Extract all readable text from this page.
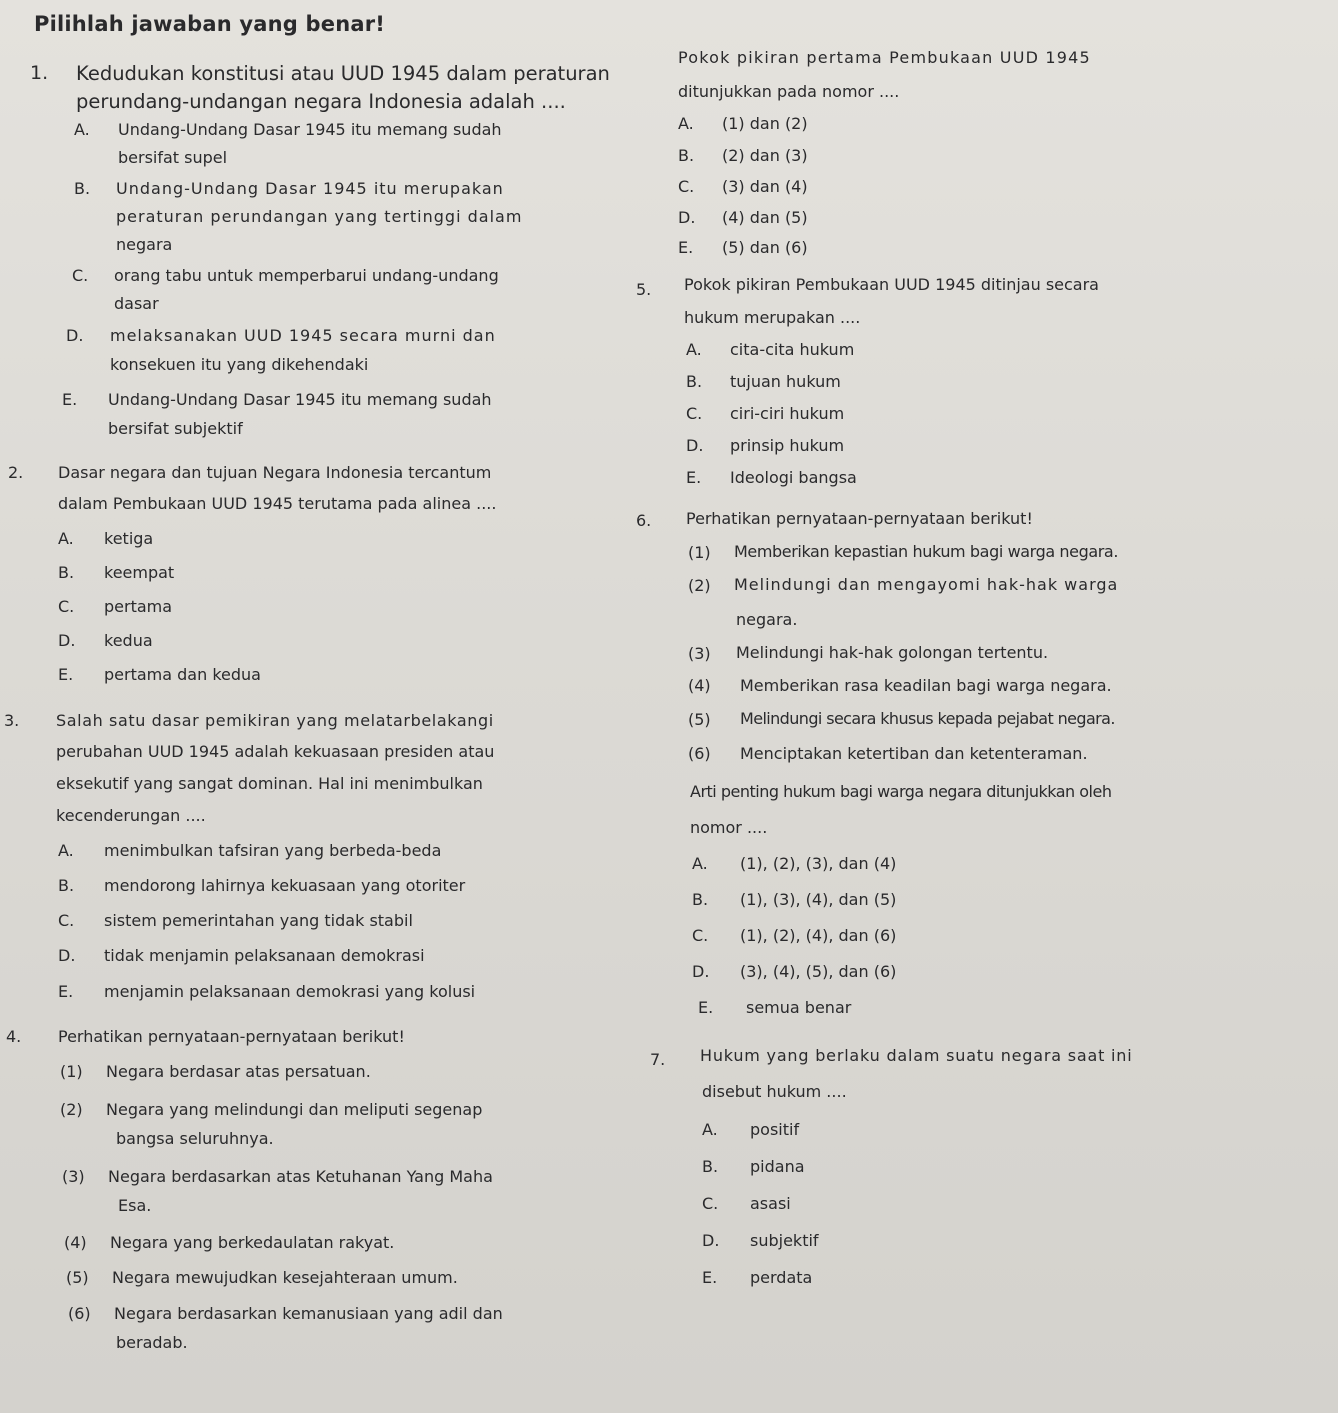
Pilihlah jawaban yang benar!
1. Kedudukan konstitusi atau UUD 1945 dalam peraturan
perundang-undangan negara Indonesia adalah ....
A. Undang-Undang Dasar 1945 itu memang sudah
bersifat supel
B. Undang-Undang Dasar 1945 itu merupakan
peraturan perundangan yang tertinggi dalam
negara
C. orang tabu untuk memperbarui undang-undang
dasar
D. melaksanakan UUD 1945 secara murni dan
konsekuen itu yang dikehendaki
E. Undang-Undang Dasar 1945 itu memang sudah
bersifat subjektif
2. Dasar negara dan tujuan Negara Indonesia tercantum
dalam Pembukaan UUD 1945 terutama pada alinea ....
A. ketiga
B. keempat
C. pertama
D. kedua
E. pertama dan kedua
3. Salah satu dasar pemikiran yang melatarbelakangi
perubahan UUD 1945 adalah kekuasaan presiden atau
eksekutif yang sangat dominan. Hal ini menimbulkan
kecenderungan ....
A. menimbulkan tafsiran yang berbeda-beda
B. mendorong lahirnya kekuasaan yang otoriter
C. sistem pemerintahan yang tidak stabil
D. tidak menjamin pelaksanaan demokrasi
E. menjamin pelaksanaan demokrasi yang kolusi
4. Perhatikan pernyataan-pernyataan berikut!
(1) Negara berdasar atas persatuan.
(2) Negara yang melindungi dan meliputi segenap
bangsa seluruhnya.
(3) Negara berdasarkan atas Ketuhanan Yang Maha
Esa.
(4) Negara yang berkedaulatan rakyat.
(5) Negara mewujudkan kesejahteraan umum.
(6) Negara berdasarkan kemanusiaan yang adil dan
beradab.
Pokok pikiran pertama Pembukaan UUD 1945
ditunjukkan pada nomor ....
A. (1) dan (2)
B. (2) dan (3)
C. (3) dan (4)
D. (4) dan (5)
E. (5) dan (6)
5. Pokok pikiran Pembukaan UUD 1945 ditinjau secara
hukum merupakan ....
A. cita-cita hukum
B. tujuan hukum
C. ciri-ciri hukum
D. prinsip hukum
E. Ideologi bangsa
6. Perhatikan pernyataan-pernyataan berikut!
(1) Memberikan kepastian hukum bagi warga negara.
(2) Melindungi dan mengayomi hak-hak warga
negara.
(3) Melindungi hak-hak golongan tertentu.
(4) Memberikan rasa keadilan bagi warga negara.
(5) Melindungi secara khusus kepada pejabat negara.
(6) Menciptakan ketertiban dan ketenteraman.
Arti penting hukum bagi warga negara ditunjukkan oleh
nomor ....
A. (1), (2), (3), dan (4)
B. (1), (3), (4), dan (5)
C. (1), (2), (4), dan (6)
D. (3), (4), (5), dan (6)
E. semua benar
7. Hukum yang berlaku dalam suatu negara saat ini
disebut hukum ....
A. positif
B. pidana
C. asasi
D. subjektif
E. perdata
